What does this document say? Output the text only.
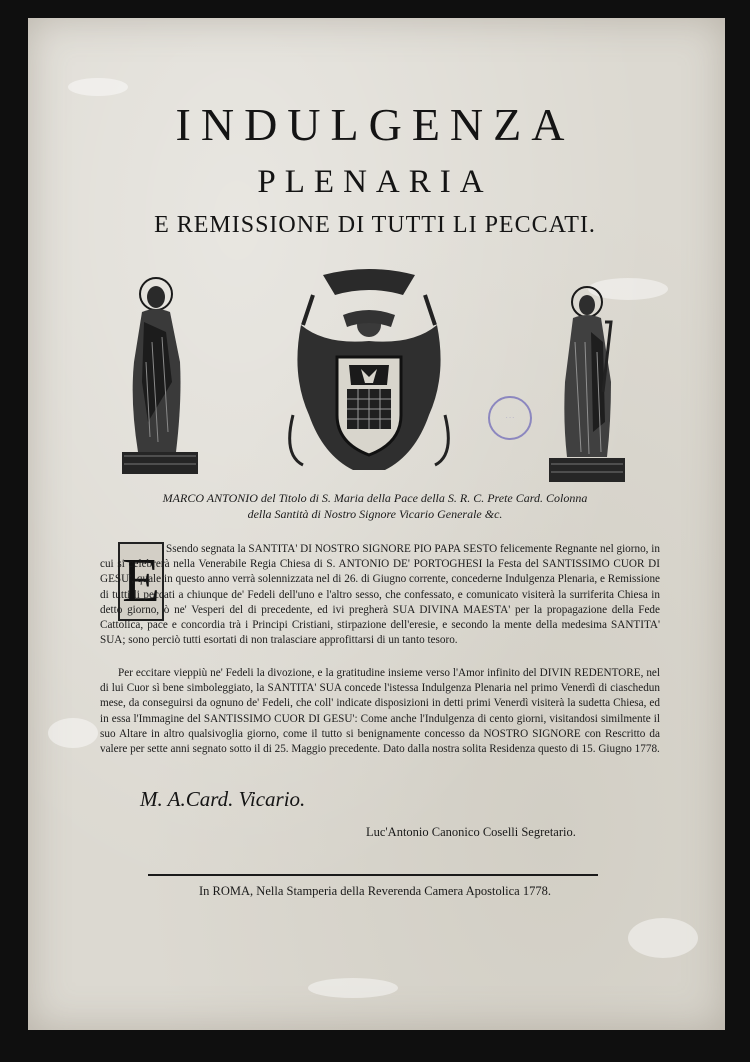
INDULGENZA
PLENARIA
E REMISSIONE DI TUTTI LI PECCATI.
· · ·
MARCO ANTONIO del Titolo di S. Maria della Pace della S. R. C. Prete Card. Colonna
della Santità di Nostro Signore Vicario Generale &c.
E Ssendo segnata la SANTITA' DI NOSTRO SIGNORE PIO PAPA SESTO felicemente Regnante nel giorno, in cui si celebrerà nella Venerabile Regia Chiesa di S. ANTONIO DE' PORTOGHESI la Festa del SANTISSIMO CUOR DI GESU', quale in questo anno verrà solennizzata nel di 26. di Giugno corrente, concederne Indulgenza Plenaria, e Remissione di tutti li peccati a chiunque de' Fedeli dell'uno e l'altro sesso, che confessato, e comunicato visiterà la surriferita Chiesa in detto giorno, ò ne' Vesperi del di precedente, ed ivi pregherà SUA DIVINA MAESTA' per la propagazione della Fede Cattolica, pace e concordia trà i Principi Cristiani, stirpazione dell'eresie, e secondo la mente della medesima SANTITA' SUA; sono perciò tutti esortati di non tralasciare approfittarsi di un tanto tesoro.
Per eccitare vieppiù ne' Fedeli la divozione, e la gratitudine insieme verso l'Amor infinito del DIVIN REDENTORE, nel di lui Cuor sì bene simboleggiato, la SANTITA' SUA concede l'istessa Indulgenza Plenaria nel primo Venerdì di ciaschedun mese, da conseguirsi da ognuno de' Fedeli, che coll' indicate disposizioni in detti primi Venerdì visiterà la sudetta Chiesa, ed in essa l'Immagine del SANTISSIMO CUOR DI GESU': Come anche l'Indulgenza di cento giorni, visitandosi similmente il suo Altare in altro qualsivoglia giorno, come il tutto si benignamente concesso da NOSTRO SIGNORE con Rescritto da valere per sette anni segnato sotto il di 25. Maggio precedente. Dato dalla nostra solita Residenza questo di 15. Giugno 1778.
M. A.Card. Vicario.
Luc'Antonio Canonico Coselli Segretario.
In ROMA, Nella Stamperia della Reverenda Camera Apostolica 1778.
